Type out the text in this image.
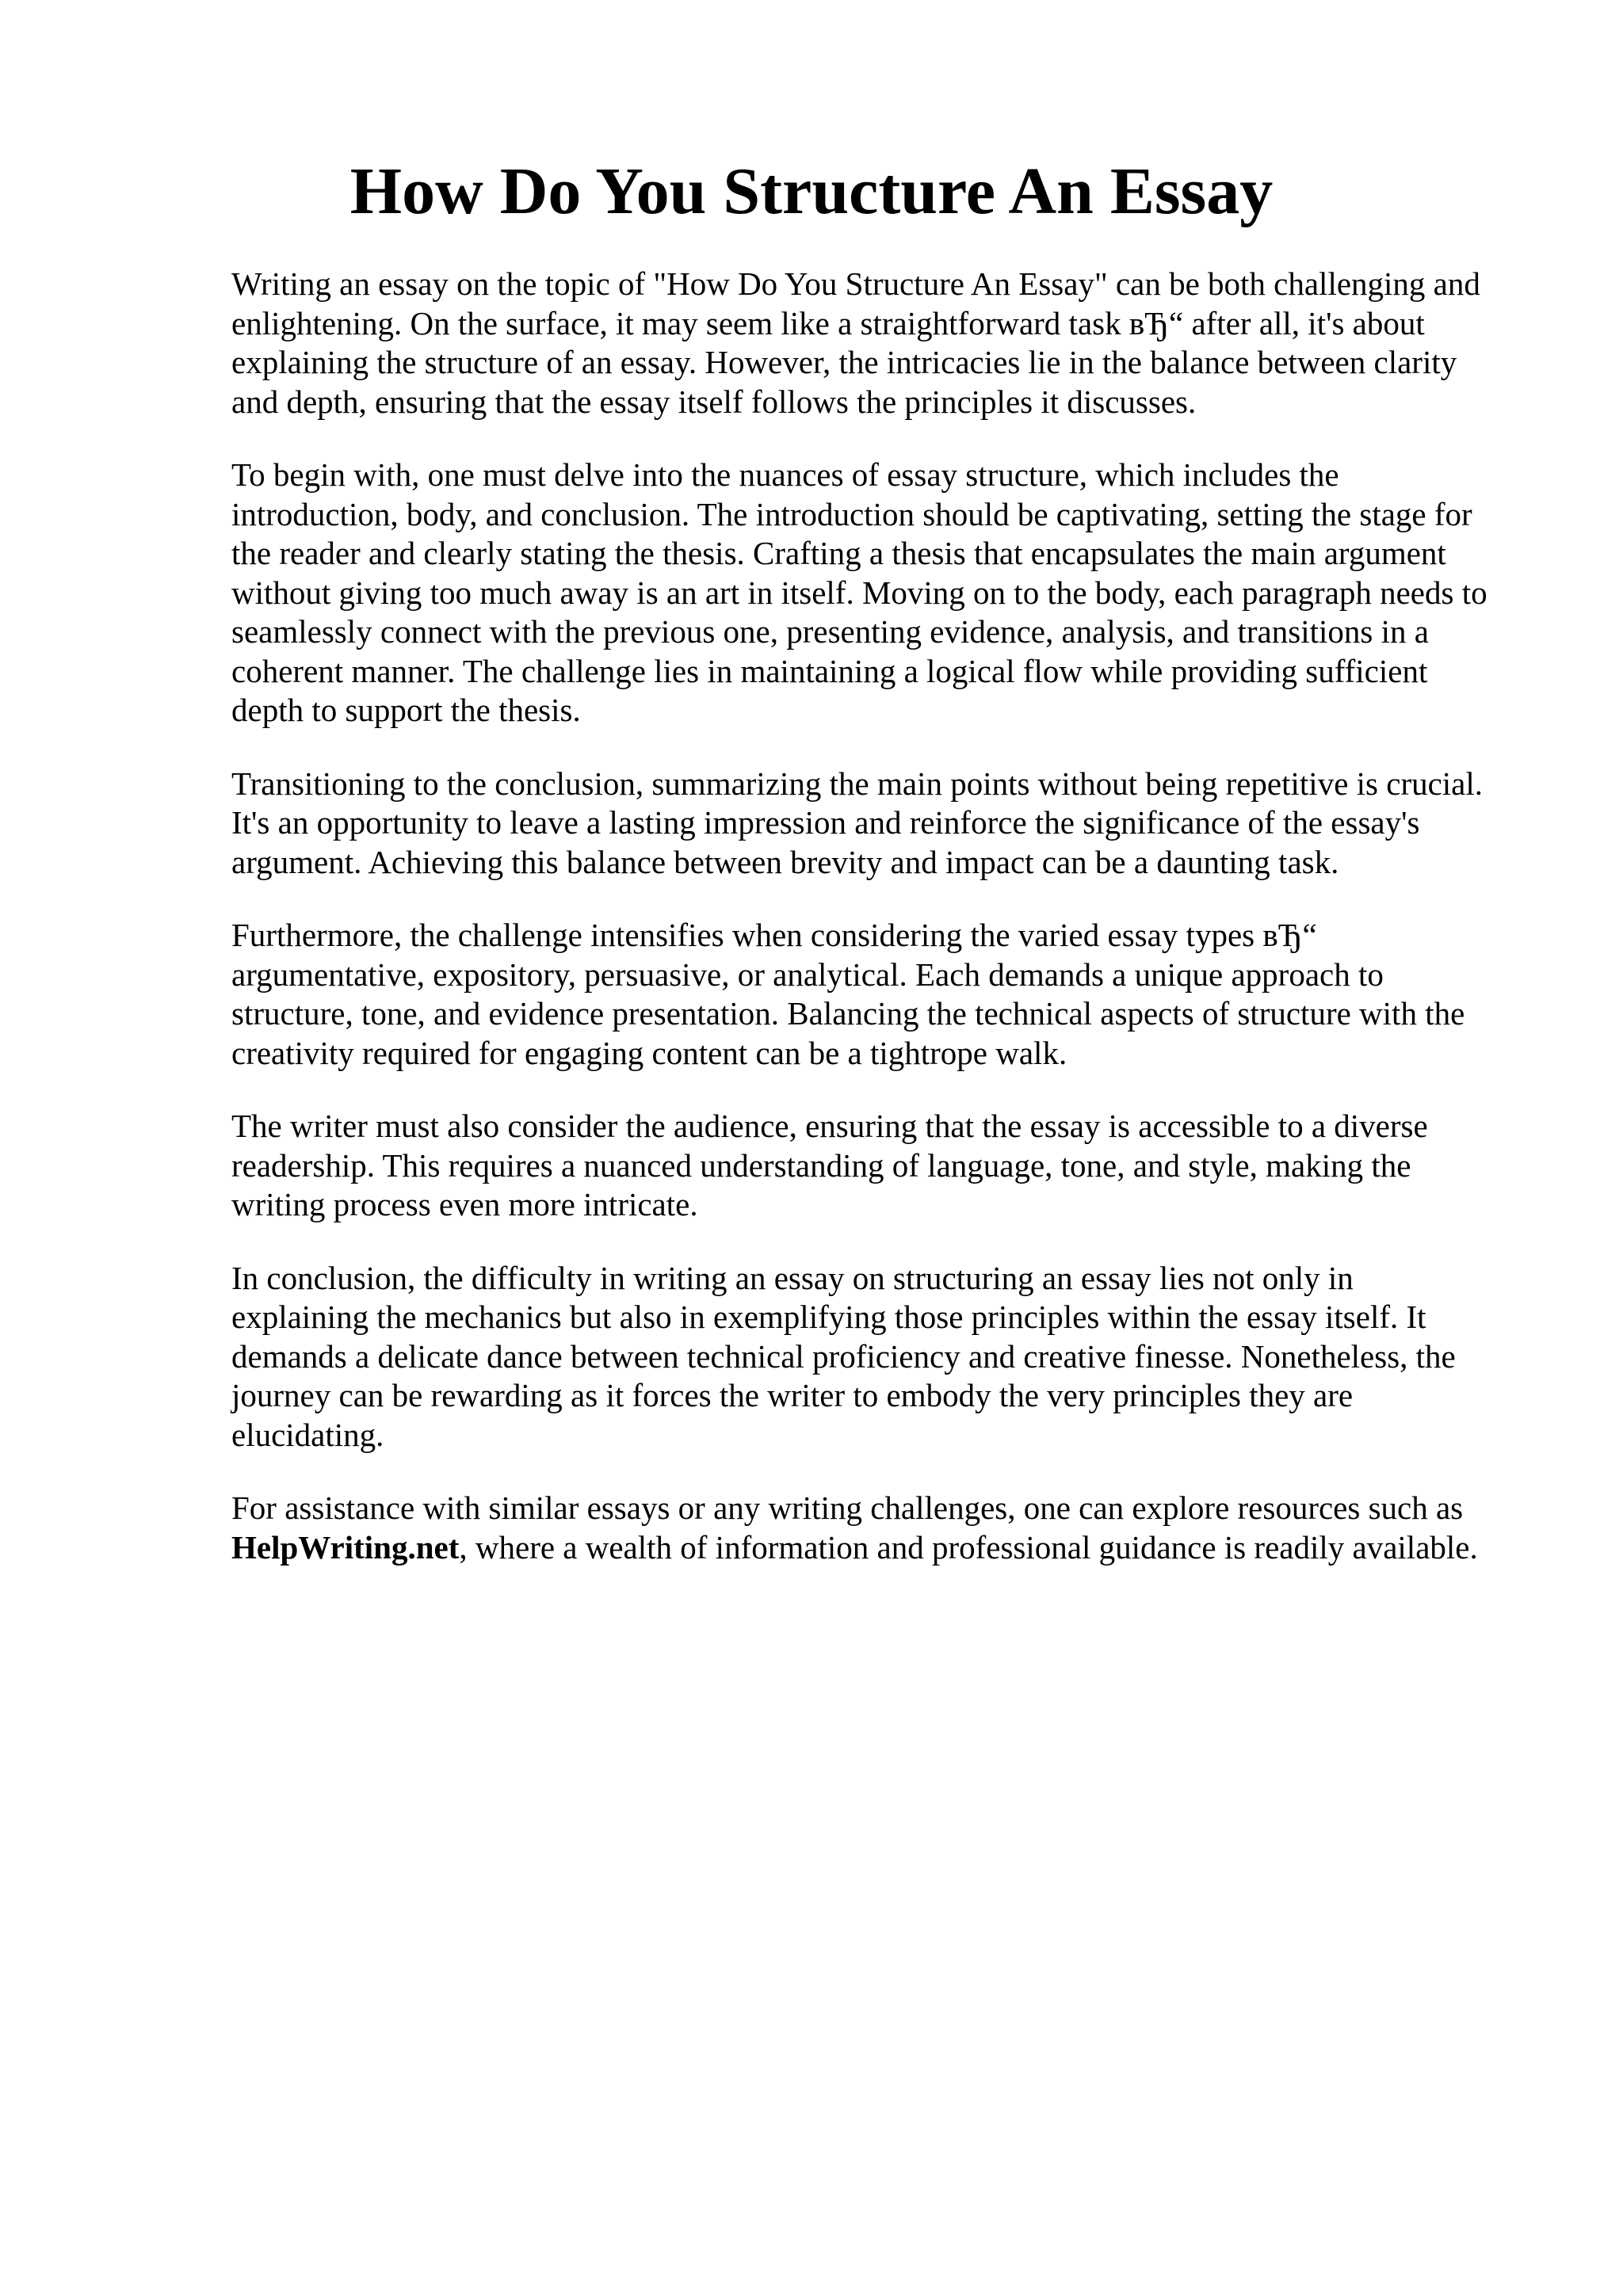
How Do You Structure An Essay

Writing an essay on the topic of "How Do You Structure An Essay" can be both challenging and
enlightening. On the surface, it may seem like a straightforward task вЂ“ after all, it's about
explaining the structure of an essay. However, the intricacies lie in the balance between clarity
and depth, ensuring that the essay itself follows the principles it discusses.

To begin with, one must delve into the nuances of essay structure, which includes the
introduction, body, and conclusion. The introduction should be captivating, setting the stage for
the reader and clearly stating the thesis. Crafting a thesis that encapsulates the main argument
without giving too much away is an art in itself. Moving on to the body, each paragraph needs to
seamlessly connect with the previous one, presenting evidence, analysis, and transitions in a
coherent manner. The challenge lies in maintaining a logical flow while providing sufficient
depth to support the thesis.

Transitioning to the conclusion, summarizing the main points without being repetitive is crucial.
It's an opportunity to leave a lasting impression and reinforce the significance of the essay's
argument. Achieving this balance between brevity and impact can be a daunting task.

Furthermore, the challenge intensifies when considering the varied essay types вЂ“
argumentative, expository, persuasive, or analytical. Each demands a unique approach to
structure, tone, and evidence presentation. Balancing the technical aspects of structure with the
creativity required for engaging content can be a tightrope walk.

The writer must also consider the audience, ensuring that the essay is accessible to a diverse
readership. This requires a nuanced understanding of language, tone, and style, making the
writing process even more intricate.

In conclusion, the difficulty in writing an essay on structuring an essay lies not only in
explaining the mechanics but also in exemplifying those principles within the essay itself. It
demands a delicate dance between technical proficiency and creative finesse. Nonetheless, the
journey can be rewarding as it forces the writer to embody the very principles they are
elucidating.

For assistance with similar essays or any writing challenges, one can explore resources such as
HelpWriting.net, where a wealth of information and professional guidance is readily available.
